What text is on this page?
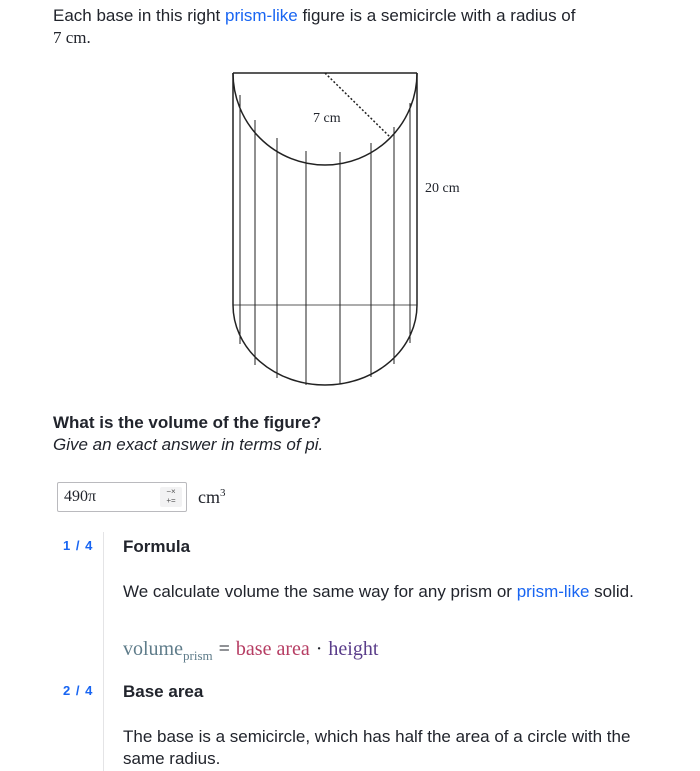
Each base in this right prism-like figure is a semicircle with a radius of
7 cm.
7 cm
20 cm
What is the volume of the figure?
Give an exact answer in terms of pi.
490π
−×
+=	$cm^3$
1 / 4 Formula
We calculate volume the same way for any prism or prism-like solid.
volume$_{prism}$ = base area · height
2 / 4 Base area
The base is a semicircle, which has half the area of a circle with the same radius.
